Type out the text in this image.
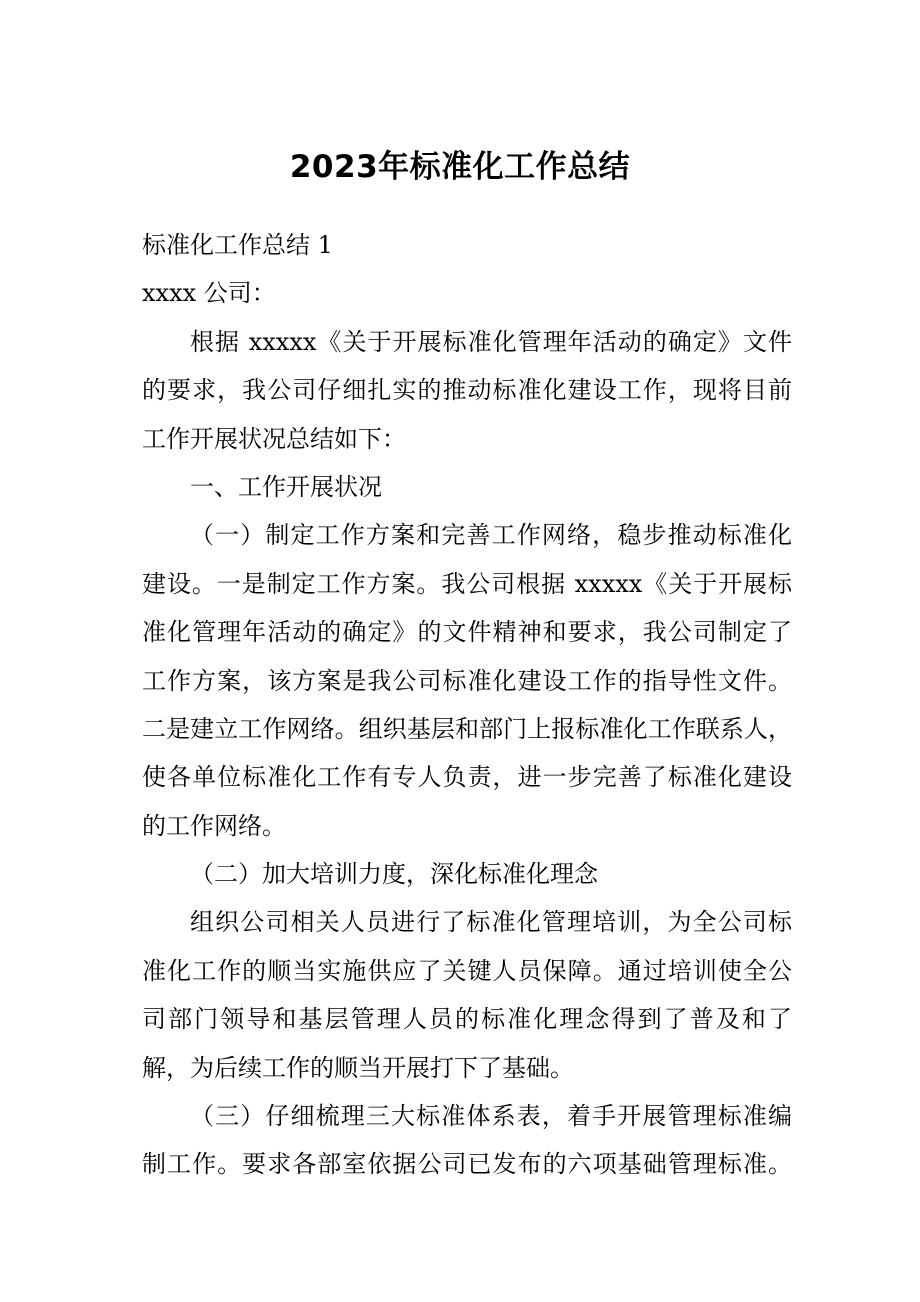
2023年标准化工作总结
标准化工作总结 1
xxxx 公司：
根据 xxxxx《关于开展标准化管理年活动的确定》文件
的要求，我公司仔细扎实的推动标准化建设工作，现将目前
工作开展状况总结如下：
一、工作开展状况
（一）制定工作方案和完善工作网络，稳步推动标准化
建设。一是制定工作方案。我公司根据 xxxxx《关于开展标
准化管理年活动的确定》的文件精神和要求，我公司制定了
工作方案，该方案是我公司标准化建设工作的指导性文件。
二是建立工作网络。组织基层和部门上报标准化工作联系人，
使各单位标准化工作有专人负责，进一步完善了标准化建设
的工作网络。
（二）加大培训力度，深化标准化理念
组织公司相关人员进行了标准化管理培训，为全公司标
准化工作的顺当实施供应了关键人员保障。通过培训使全公
司部门领导和基层管理人员的标准化理念得到了普及和了
解，为后续工作的顺当开展打下了基础。
（三）仔细梳理三大标准体系表，着手开展管理标准编
制工作。要求各部室依据公司已发布的六项基础管理标准。
